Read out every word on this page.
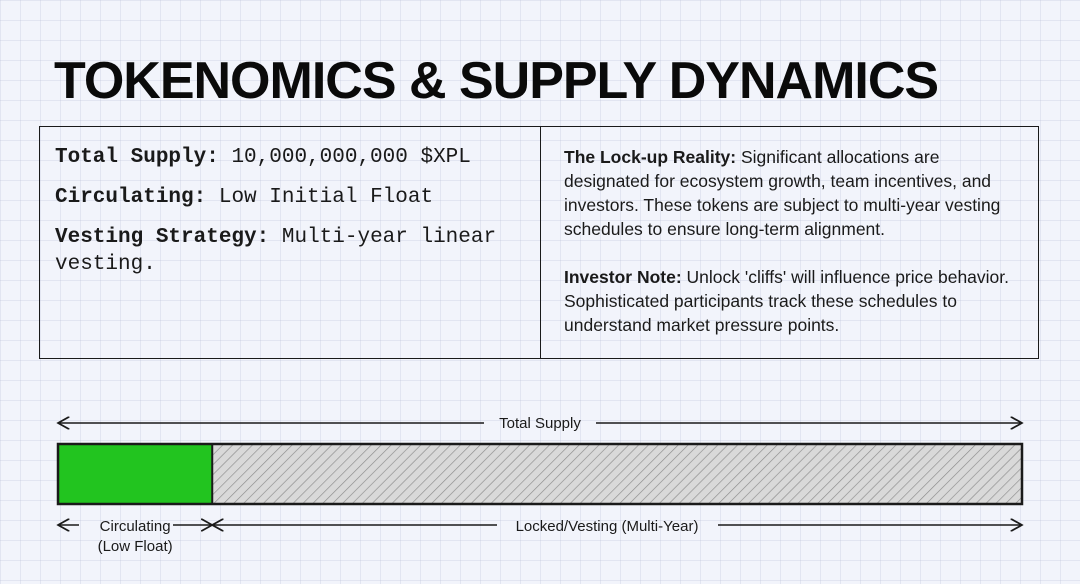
TOKENOMICS & SUPPLY DYNAMICS
Total Supply: 10,000,000,000 $XPL
Circulating: Low Initial Float
Vesting Strategy: Multi-year linear vesting.

The Lock-up Reality: Significant allocations are designated for ecosystem growth, team incentives, and investors. These tokens are subject to multi-year vesting schedules to ensure long-term alignment.

Investor Note: Unlock 'cliffs' will influence price behavior. Sophisticated participants track these schedules to understand market pressure points.

Total Supply
Circulating
(Low Float)
Locked/Vesting (Multi-Year)
